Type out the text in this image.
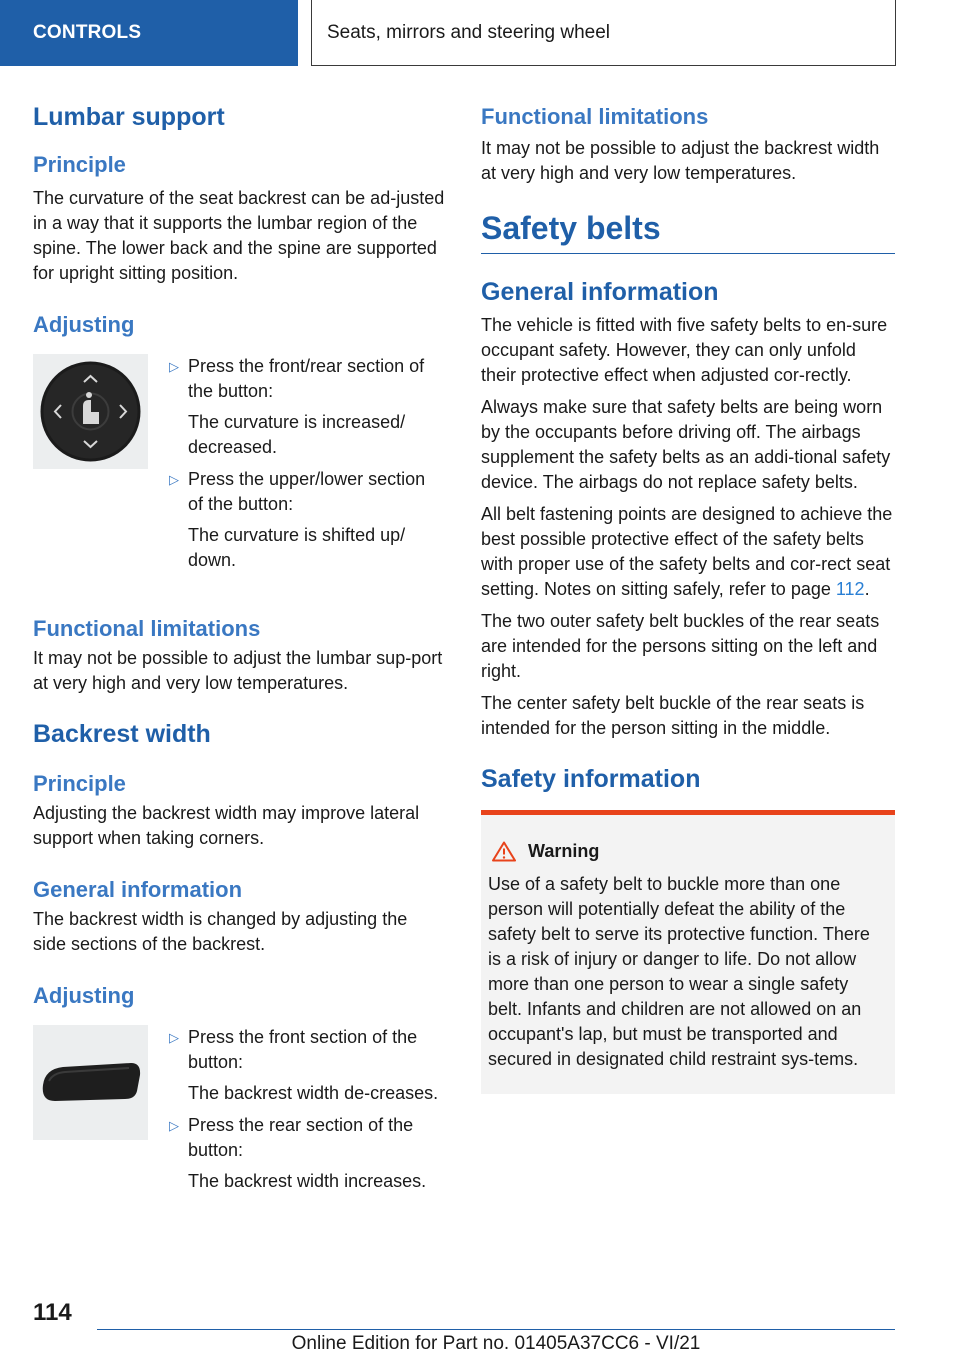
CONTROLS	Seats, mirrors and steering wheel
Lumbar support
Principle

The curvature of the seat backrest can be ad-justed in a way that it supports the lumbar region of the spine. The lower back and the spine are supported for upright sitting position.

Adjusting
▷ Press the front/rear section of the button:
The curvature is increased/ decreased.
▷ Press the upper/lower section of the button:
The curvature is shifted up/ down.
Functional limitations

It may not be possible to adjust the lumbar sup-port at very high and very low temperatures.

Backrest width
Principle

Adjusting the backrest width may improve lateral support when taking corners.

General information

The backrest width is changed by adjusting the side sections of the backrest.

Adjusting
▷ Press the front section of the button:
The backrest width de-creases.
▷ Press the rear section of the button:
The backrest width increases.
Functional limitations

It may not be possible to adjust the backrest width at very high and very low temperatures.

Safety belts
General information

The vehicle is fitted with five safety belts to en-sure occupant safety. However, they can only unfold their protective effect when adjusted cor-rectly.

Always make sure that safety belts are being worn by the occupants before driving off. The airbags supplement the safety belts as an addi-tional safety device. The airbags do not replace safety belts.

All belt fastening points are designed to achieve the best possible protective effect of the safety belts with proper use of the safety belts and cor-rect seat setting. Notes on sitting safely, refer to page 112.

The two outer safety belt buckles of the rear seats are intended for the persons sitting on the left and right.

The center safety belt buckle of the rear seats is intended for the person sitting in the middle.

Safety information
Warning

Use of a safety belt to buckle more than one person will potentially defeat the ability of the safety belt to serve its protective function. There is a risk of injury or danger to life. Do not allow more than one person to wear a single safety belt. Infants and children are not allowed on an occupant's lap, but must be transported and secured in designated child restraint sys-tems.

114
Online Edition for Part no. 01405A37CC6 - VI/21
